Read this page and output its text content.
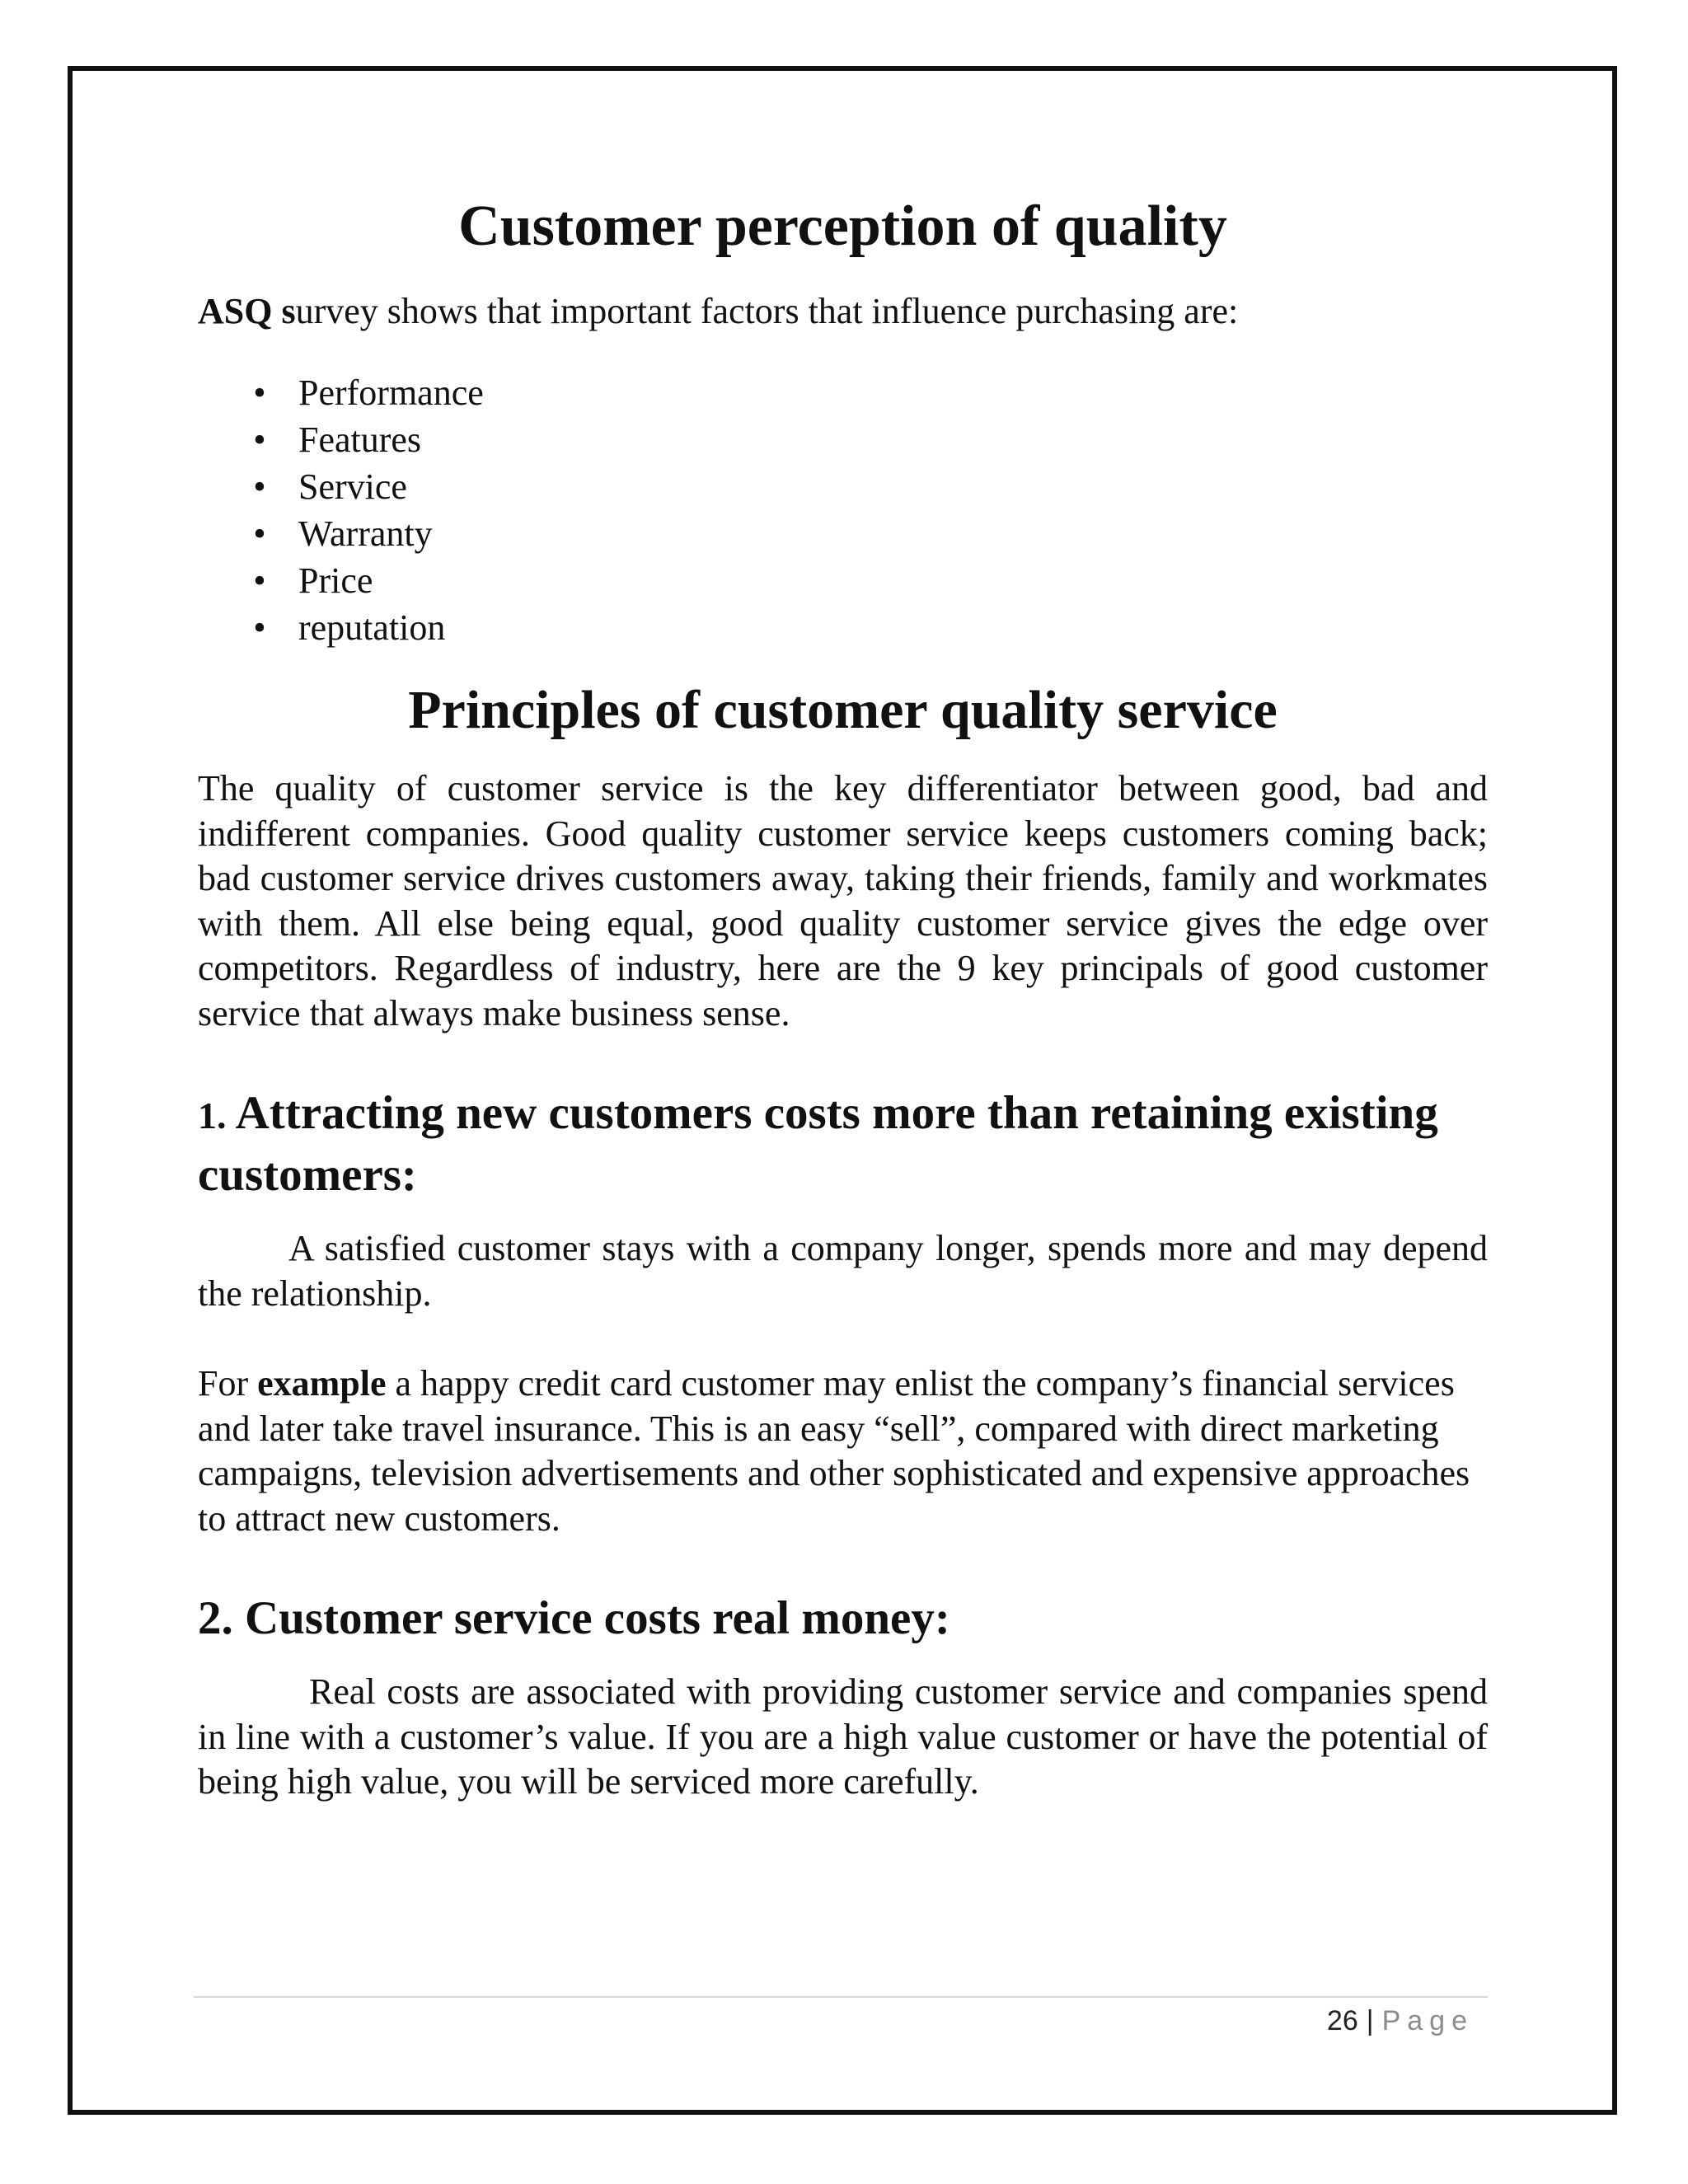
Customer perception of quality

ASQ survey shows that important factors that influence purchasing are:

• Performance
• Features
• Service
• Warranty
• Price
• reputation
Principles of customer quality service

The quality of customer service is the key differentiator between good, bad and indifferent companies. Good quality customer service keeps customers coming back; bad customer service drives customers away, taking their friends, family and workmates with them. All else being equal, good quality customer service gives the edge over competitors. Regardless of industry, here are the 9 key principals of good customer service that always make business sense.

1. Attracting new customers costs more than retaining existing customers:

A satisfied customer stays with a company longer, spends more and may depend the relationship.

For example a happy credit card customer may enlist the company’s financial services and later take travel insurance. This is an easy “sell”, compared with direct marketing campaigns, television advertisements and other sophisticated and expensive approaches to attract new customers.

2. Customer service costs real money:

Real costs are associated with providing customer service and companies spend in line with a customer’s value. If you are a high value customer or have the potential of being high value, you will be serviced more carefully.

26 | Page
